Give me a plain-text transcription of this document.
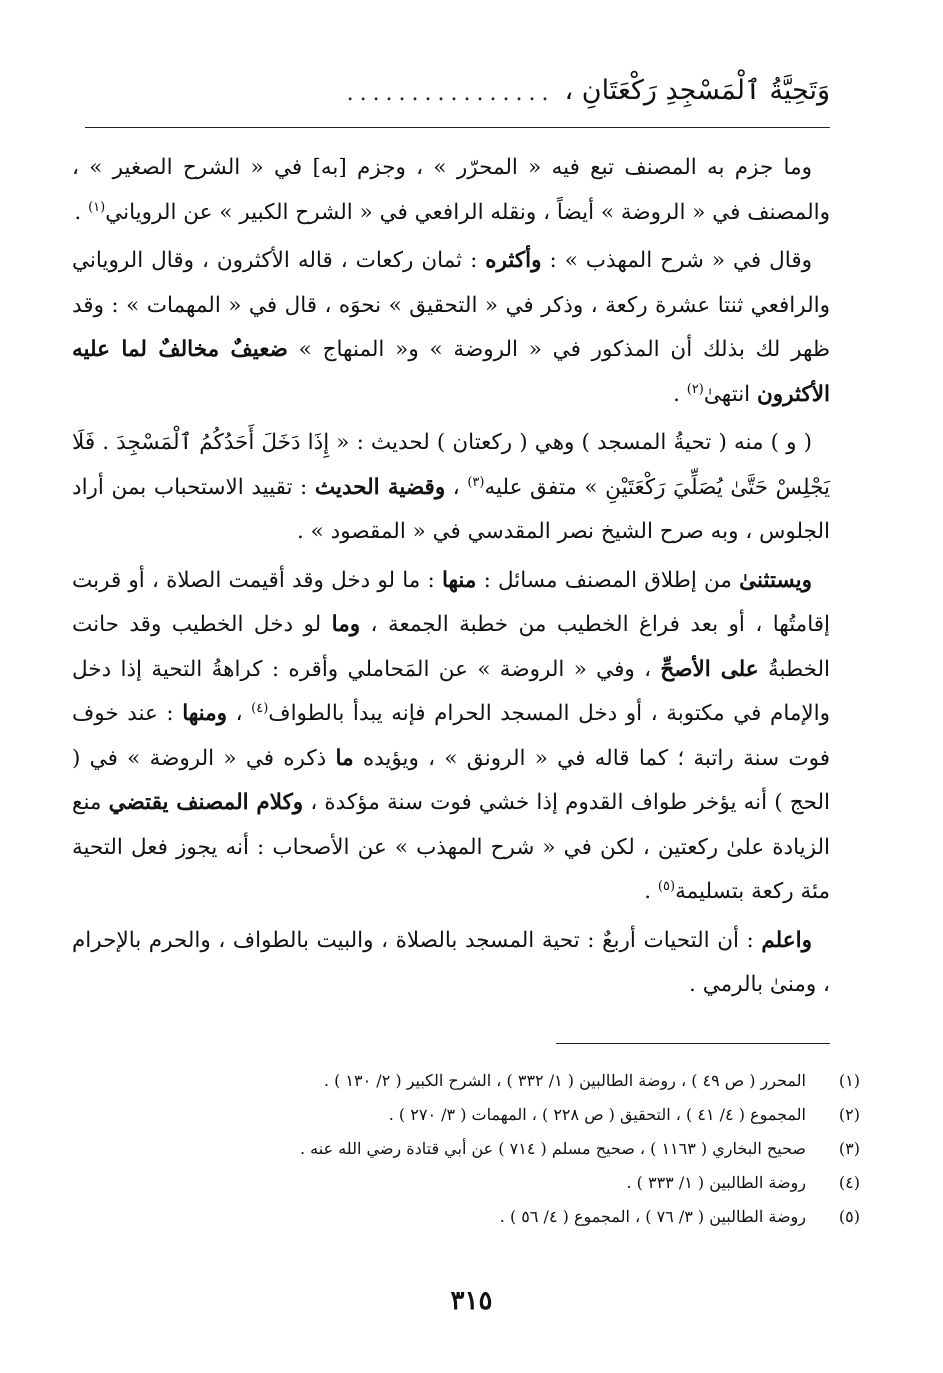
وَتَحِيَّةُ ٱلْمَسْجِدِ رَكْعَتَانِ ،
................

وما جزم به المصنف تبع فيه « المحرّر » ، وجزم [به] في « الشرح الصغير » ، والمصنف في « الروضة » أيضاً ، ونقله الرافعي في « الشرح الكبير » عن الروياني$^{(١)}$ .

وقال في « شرح المهذب » : وأكثره : ثمان ركعات ، قاله الأكثرون ، وقال الروياني والرافعي ثنتا عشرة ركعة ، وذكر في « التحقيق » نحوَه ، قال في « المهمات » : وقد ظهر لك بذلك أن المذكور في « الروضة » و« المنهاج » ضعيفٌ مخالفٌ لما عليه الأكثرون انتهىٰ$^{(٢)}$ .

( و ) منه ( تحيةُ المسجد ) وهي ( ركعتان ) لحديث : « إِذَا دَخَلَ أَحَدُكُمُ ٱلْمَسْجِدَ . فَلَا يَجْلِسْ حَتَّىٰ يُصَلِّيَ رَكْعَتَيْنِ » متفق عليه$^{(٣)}$ ، وقضية الحديث : تقييد الاستحباب بمن أراد الجلوس ، وبه صرح الشيخ نصر المقدسي في « المقصود » .

ويستثنىٰ من إطلاق المصنف مسائل : منها : ما لو دخل وقد أقيمت الصلاة ، أو قربت إقامتُها ، أو بعد فراغ الخطيب من خطبة الجمعة ، وما لو دخل الخطيب وقد حانت الخطبةُ على الأصحِّ ، وفي « الروضة » عن المَحاملي وأقره : كراهةُ التحية إذا دخل والإمام في مكتوبة ، أو دخل المسجد الحرام فإنه يبدأ بالطواف$^{(٤)}$ ، ومنها : عند خوف فوت سنة راتبة ؛ كما قاله في « الرونق » ، ويؤيده ما ذكره في « الروضة » في ( الحج ) أنه يؤخر طواف القدوم إذا خشي فوت سنة مؤكدة ، وكلام المصنف يقتضي منع الزيادة علىٰ ركعتين ، لكن في « شرح المهذب » عن الأصحاب : أنه يجوز فعل التحية مئة ركعة بتسليمة$^{(٥)}$ .

واعلم : أن التحيات أربعٌ : تحية المسجد بالصلاة ، والبيت بالطواف ، والحرم بالإحرام ، ومنىٰ بالرمي .

(١)
المحرر ( ص ٤٩ ) ، روضة الطالبين ( ١/ ٣٣٢ ) ، الشرح الكبير ( ٢/ ١٣٠ ) .
(٢)
المجموع ( ٤/ ٤١ ) ، التحقيق ( ص ٢٢٨ ) ، المهمات ( ٣/ ٢٧٠ ) .
(٣)
صحيح البخاري ( ١١٦٣ ) ، صحيح مسلم ( ٧١٤ ) عن أبي قتادة رضي الله عنه .
(٤)
روضة الطالبين ( ١/ ٣٣٣ ) .
(٥)
روضة الطالبين ( ٣/ ٧٦ ) ، المجموع ( ٤/ ٥٦ ) .
٣١٥
